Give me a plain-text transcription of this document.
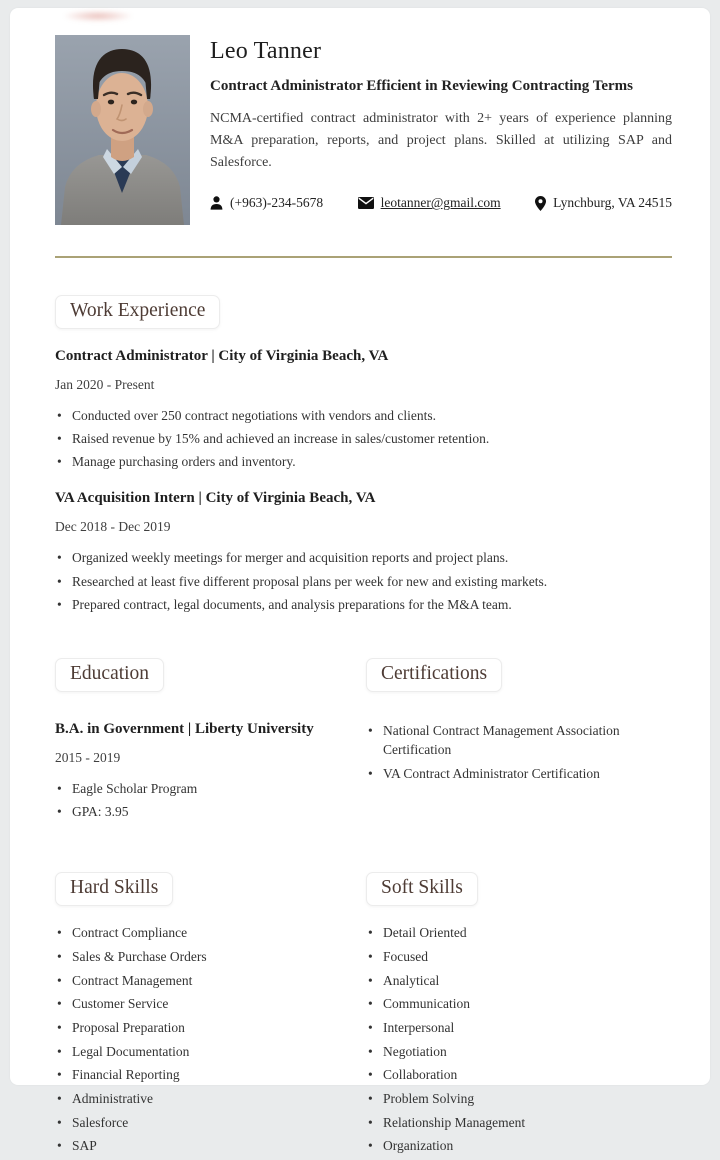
Leo Tanner
Contract Administrator Efficient in Reviewing Contracting Terms
NCMA-certified contract administrator with 2+ years of experience planning M&A preparation, reports, and project plans. Skilled at utilizing SAP and Salesforce.
(+963)-234-5678	leotanner@gmail.com	Lynchburg, VA 24515
Work Experience
Contract Administrator | City of Virginia Beach, VA
Jan 2020 - Present
• Conducted over 250 contract negotiations with vendors and clients.
• Raised revenue by 15% and achieved an increase in sales/customer retention.
• Manage purchasing orders and inventory.
VA Acquisition Intern | City of Virginia Beach, VA
Dec 2018 - Dec 2019
• Organized weekly meetings for merger and acquisition reports and project plans.
• Researched at least five different proposal plans per week for new and existing markets.
• Prepared contract, legal documents, and analysis preparations for the M&A team.
Education
B.A. in Government | Liberty University
2015 - 2019
• Eagle Scholar Program
• GPA: 3.95
Certifications
• National Contract Management Association Certification
• VA Contract Administrator Certification
Hard Skills
• Contract Compliance
• Sales & Purchase Orders
• Contract Management
• Customer Service
• Proposal Preparation
• Legal Documentation
• Financial Reporting
• Administrative
• Salesforce
• SAP
Soft Skills
• Detail Oriented
• Focused
• Analytical
• Communication
• Interpersonal
• Negotiation
• Collaboration
• Problem Solving
• Relationship Management
• Organization
